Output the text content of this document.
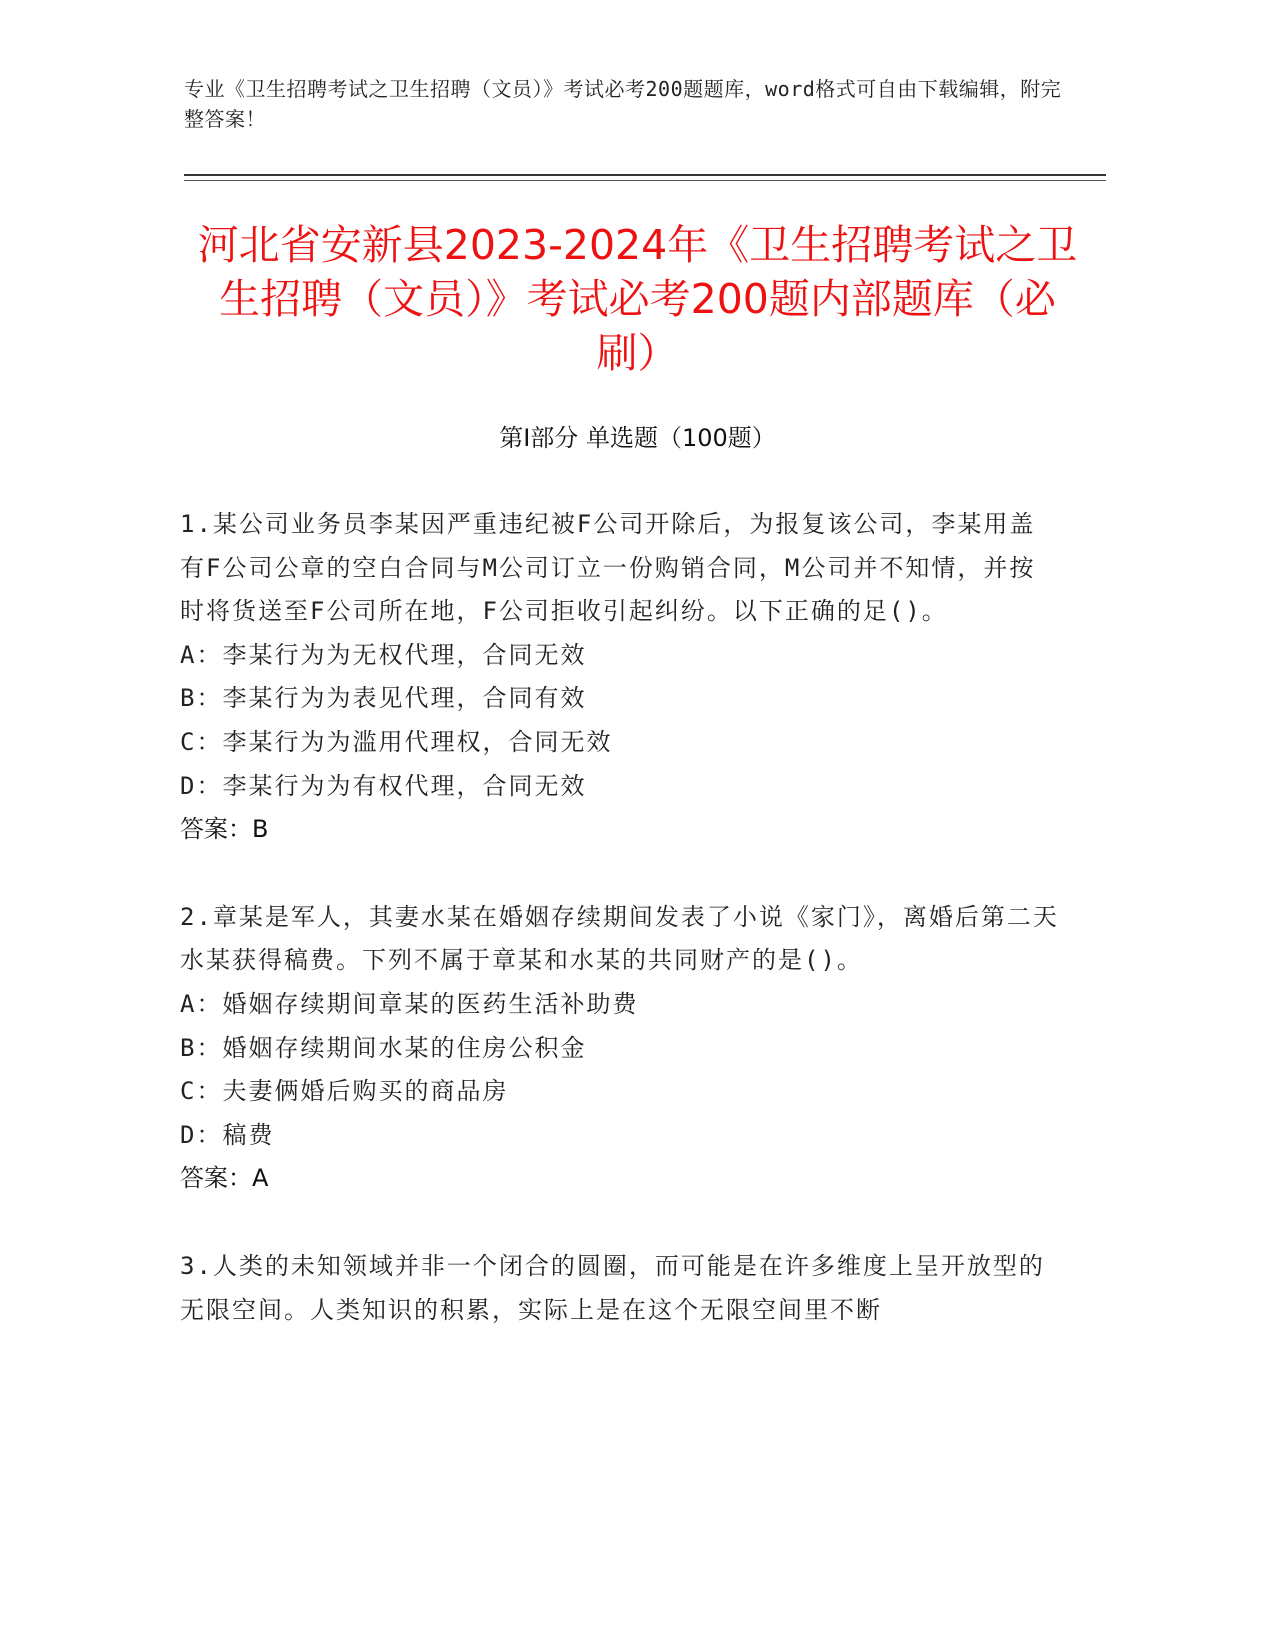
专业《卫生招聘考试之卫生招聘（文员）》考试必考200题题库，word格式可自由下载编辑，附完整答案！
河北省安新县2023-2024年《卫生招聘考试之卫生招聘（文员）》考试必考200题内部题库（必刷）
第Ⅰ部分 单选题（100题）

1.某公司业务员李某因严重违纪被F公司开除后，为报复该公司，李某用盖有F公司公章的空白合同与M公司订立一份购销合同，M公司并不知情，并按时将货送至F公司所在地，F公司拒收引起纠纷。以下正确的足()。

A：李某行为为无权代理，合同无效

B：李某行为为表见代理，合同有效

C：李某行为为滥用代理权，合同无效

D：李某行为为有权代理，合同无效

答案：B

2.章某是军人，其妻水某在婚姻存续期间发表了小说《家门》，离婚后第二天水某获得稿费。下列不属于章某和水某的共同财产的是()。

A：婚姻存续期间章某的医药生活补助费

B：婚姻存续期间水某的住房公积金

C：夫妻俩婚后购买的商品房

D：稿费

答案：A

3.人类的未知领域并非一个闭合的圆圈，而可能是在许多维度上呈开放型的无限空间。人类知识的积累，实际上是在这个无限空间里不断
